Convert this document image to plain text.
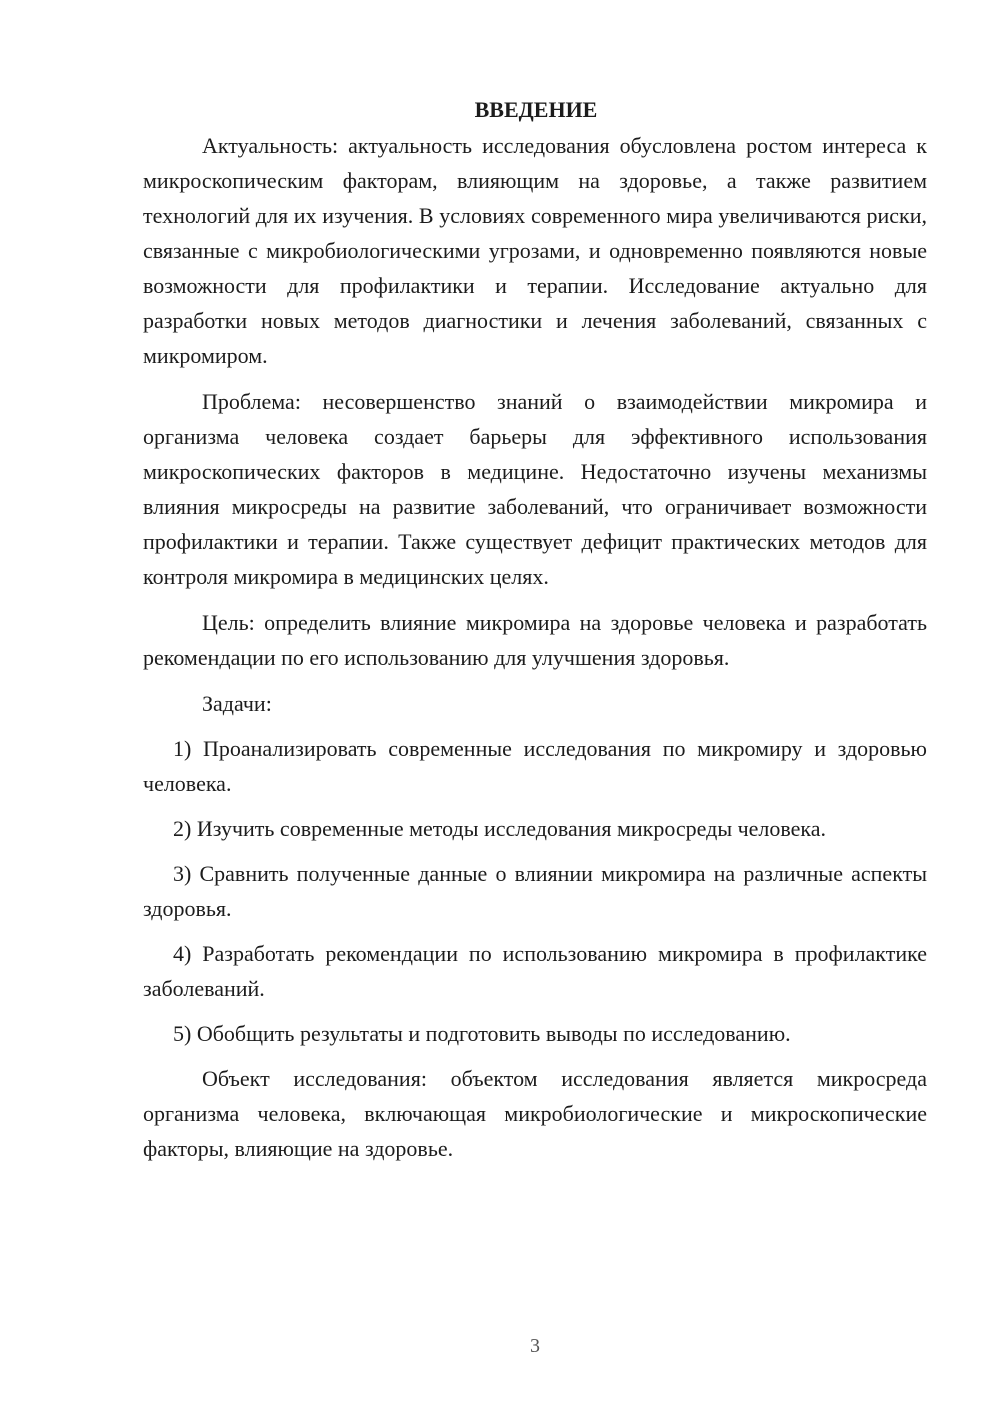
ВВЕДЕНИЕ

Актуальность: актуальность исследования обусловлена ростом интереса к микроскопическим факторам, влияющим на здоровье, а также развитием технологий для их изучения. В условиях современного мира увеличиваются риски, связанные с микробиологическими угрозами, и одновременно появляются новые возможности для профилактики и терапии. Исследование актуально для разработки новых методов диагностики и лечения заболеваний, связанных с микромиром.

Проблема: несовершенство знаний о взаимодействии микромира и организма человека создает барьеры для эффективного использования микроскопических факторов в медицине. Недостаточно изучены механизмы влияния микросреды на развитие заболеваний, что ограничивает возможности профилактики и терапии. Также существует дефицит практических методов для контроля микромира в медицинских целях.

Цель: определить влияние микромира на здоровье человека и разработать рекомендации по его использованию для улучшения здоровья.

Задачи:

1) Проанализировать современные исследования по микромиру и здоровью человека.

2) Изучить современные методы исследования микросреды человека.

3) Сравнить полученные данные о влиянии микромира на различные аспекты здоровья.

4) Разработать рекомендации по использованию микромира в профилактике заболеваний.

5) Обобщить результаты и подготовить выводы по исследованию.

Объект исследования: объектом исследования является микросреда организма человека, включающая микробиологические и микроскопические факторы, влияющие на здоровье.

3
